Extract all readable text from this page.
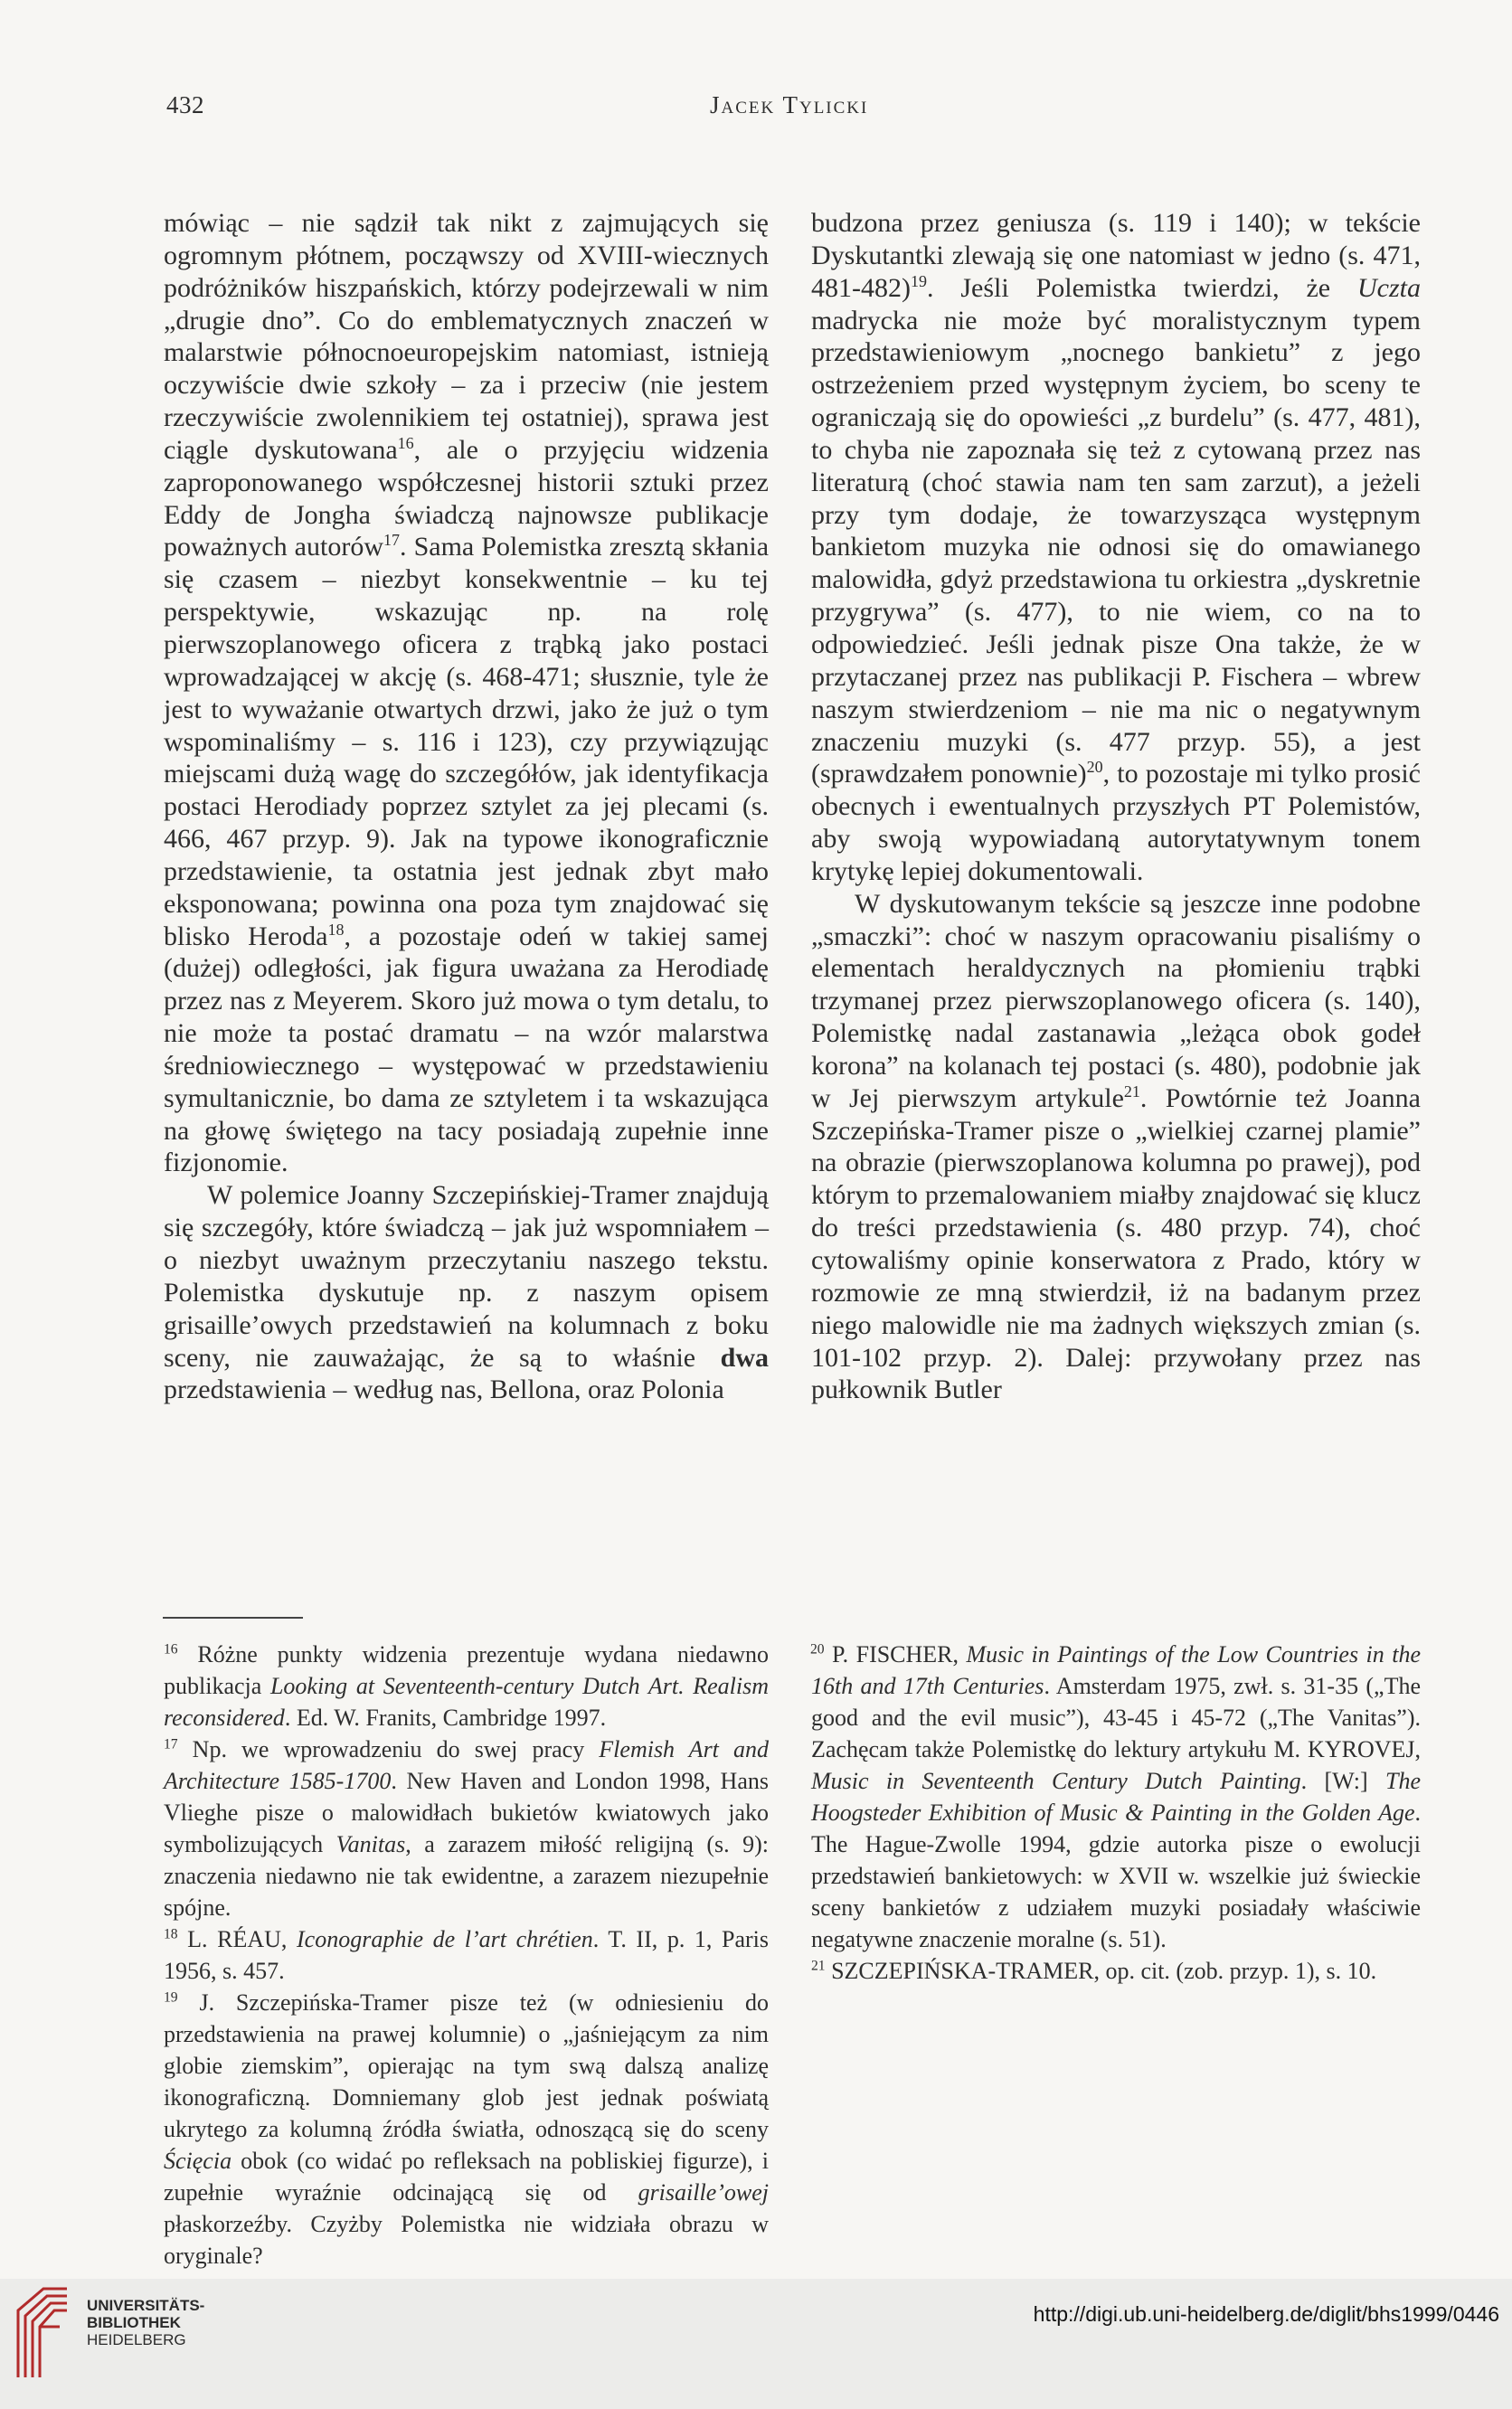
432	Jacek Tylicki

mówiąc – nie sądził tak nikt z zajmujących się ogromnym płótnem, począwszy od XVIII-wiecznych podróżników hiszpańskich, którzy podejrzewali w nim „drugie dno”. Co do emblematycznych znaczeń w malarstwie północnoeuropejskim natomiast, istnieją oczywiście dwie szkoły – za i przeciw (nie jestem rzeczywiście zwolennikiem tej ostatniej), sprawa jest ciągle dyskutowana$^{16}$, ale o przyjęciu widzenia zaproponowanego współczesnej historii sztuki przez Eddy de Jongha świadczą najnowsze publikacje poważnych autorów$^{17}$. Sama Polemistka zresztą skłania się czasem – niezbyt konsekwentnie – ku tej perspektywie, wskazując np. na rolę pierwszoplanowego oficera z trąbką jako postaci wprowadzającej w akcję (s. 468-471; słusznie, tyle że jest to wyważanie otwartych drzwi, jako że już o tym wspominaliśmy – s. 116 i 123), czy przywiązując miejscami dużą wagę do szczegółów, jak identyfikacja postaci Herodiady poprzez sztylet za jej plecami (s. 466, 467 przyp. 9). Jak na typowe ikonograficznie przedstawienie, ta ostatnia jest jednak zbyt mało eksponowana; powinna ona poza tym znajdować się blisko Heroda$^{18}$, a pozostaje odeń w takiej samej (dużej) odległości, jak figura uważana za Herodiadę przez nas z Meyerem. Skoro już mowa o tym detalu, to nie może ta postać dramatu – na wzór malarstwa średniowiecznego – występować w przedstawieniu symultanicznie, bo dama ze sztyletem i ta wskazująca na głowę świętego na tacy posiadają zupełnie inne fizjonomie.

W polemice Joanny Szczepińskiej-Tramer znajdują się szczegóły, które świadczą – jak już wspomniałem – o niezbyt uważnym przeczytaniu naszego tekstu. Polemistka dyskutuje np. z naszym opisem grisaille’owych przedstawień na kolumnach z boku sceny, nie zauważając, że są to właśnie dwa przedstawienia – według nas, Bellona, oraz Polonia

budzona przez geniusza (s. 119 i 140); w tekście Dyskutantki zlewają się one natomiast w jedno (s. 471, 481-482)$^{19}$. Jeśli Polemistka twierdzi, że Uczta madrycka nie może być moralistycznym typem przedstawieniowym „nocnego bankietu” z jego ostrzeżeniem przed występnym życiem, bo sceny te ograniczają się do opowieści „z burdelu” (s. 477, 481), to chyba nie zapoznała się też z cytowaną przez nas literaturą (choć stawia nam ten sam zarzut), a jeżeli przy tym dodaje, że towarzysząca występnym bankietom muzyka nie odnosi się do omawianego malowidła, gdyż przedstawiona tu orkiestra „dyskretnie przygrywa” (s. 477), to nie wiem, co na to odpowiedzieć. Jeśli jednak pisze Ona także, że w przytaczanej przez nas publikacji P. Fischera – wbrew naszym stwierdzeniom – nie ma nic o negatywnym znaczeniu muzyki (s. 477 przyp. 55), a jest (sprawdzałem ponownie)$^{20}$, to pozostaje mi tylko prosić obecnych i ewentualnych przyszłych PT Polemistów, aby swoją wypowiadaną autorytatywnym tonem krytykę lepiej dokumentowali.

W dyskutowanym tekście są jeszcze inne podobne „smaczki”: choć w naszym opracowaniu pisaliśmy o elementach heraldycznych na płomieniu trąbki trzymanej przez pierwszoplanowego oficera (s. 140), Polemistkę nadal zastanawia „leżąca obok godeł korona” na kolanach tej postaci (s. 480), podobnie jak w Jej pierwszym artykule$^{21}$. Powtórnie też Joanna Szczepińska-Tramer pisze o „wielkiej czarnej plamie” na obrazie (pierwszoplanowa kolumna po prawej), pod którym to przemalowaniem miałby znajdować się klucz do treści przedstawienia (s. 480 przyp. 74), choć cytowaliśmy opinie konserwatora z Prado, który w rozmowie ze mną stwierdził, iż na badanym przez niego malowidle nie ma żadnych większych zmian (s. 101-102 przyp. 2). Dalej: przywołany przez nas pułkownik Butler

$^{16}$ Różne punkty widzenia prezentuje wydana niedawno publikacja Looking at Seventeenth-century Dutch Art. Realism reconsidered. Ed. W. Franits, Cambridge 1997.

$^{17}$ Np. we wprowadzeniu do swej pracy Flemish Art and Architecture 1585-1700. New Haven and London 1998, Hans Vlieghe pisze o malowidłach bukietów kwiatowych jako symbolizujących Vanitas, a zarazem miłość religijną (s. 9): znaczenia niedawno nie tak ewidentne, a zarazem niezupełnie spójne.

$^{18}$ L. RÉAU, Iconographie de l’art chrétien. T. II, p. 1, Paris 1956, s. 457.

$^{19}$ J. Szczepińska-Tramer pisze też (w odniesieniu do przedstawienia na prawej kolumnie) o „jaśniejącym za nim globie ziemskim”, opierając na tym swą dalszą analizę ikonograficzną. Domniemany glob jest jednak poświatą ukrytego za kolumną źródła światła, odnoszącą się do sceny Ścięcia obok (co widać po refleksach na pobliskiej figurze), i zupełnie wyraźnie odcinającą się od grisaille’owej płaskorzeźby. Czyżby Polemistka nie widziała obrazu w oryginale?

$^{20}$ P. FISCHER, Music in Paintings of the Low Countries in the 16th and 17th Centuries. Amsterdam 1975, zwł. s. 31-35 („The good and the evil music”), 43-45 i 45-72 („The Vanitas”). Zachęcam także Polemistkę do lektury artykułu M. KYROVEJ, Music in Seventeenth Century Dutch Painting. [W:] The Hoogsteder Exhibition of Music & Painting in the Golden Age. The Hague-Zwolle 1994, gdzie autorka pisze o ewolucji przedstawień bankietowych: w XVII w. wszelkie już świeckie sceny bankietów z udziałem muzyki posiadały właściwie negatywne znaczenie moralne (s. 51).

$^{21}$ SZCZEPIŃSKA-TRAMER, op. cit. (zob. przyp. 1), s. 10.

UNIVERSITÄTS-
BIBLIOTHEK
HEIDELBERG
http://digi.ub.uni-heidelberg.de/diglit/bhs1999/0446
